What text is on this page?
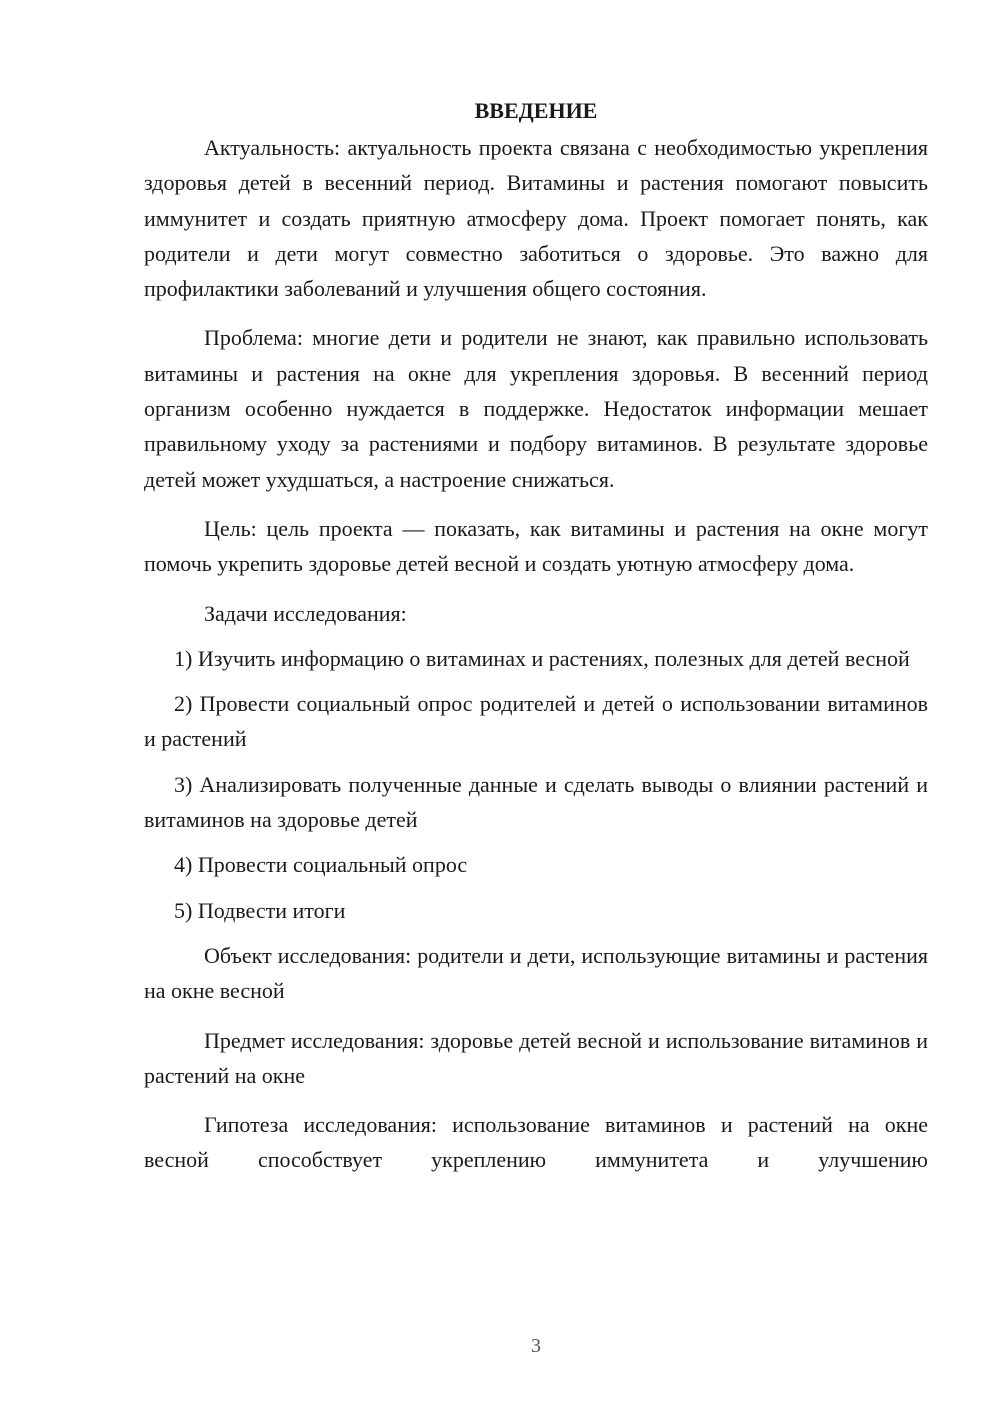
ВВЕДЕНИЕ

Актуальность: актуальность проекта связана с необходимостью укрепления здоровья детей в весенний период. Витамины и растения помогают повысить иммунитет и создать приятную атмосферу дома. Проект помогает понять, как родители и дети могут совместно заботиться о здоровье. Это важно для профилактики заболеваний и улучшения общего состояния.

Проблема: многие дети и родители не знают, как правильно использовать витамины и растения на окне для укрепления здоровья. В весенний период организм особенно нуждается в поддержке. Недостаток информации мешает правильному уходу за растениями и подбору витаминов. В результате здоровье детей может ухудшаться, а настроение снижаться.

Цель: цель проекта — показать, как витамины и растения на окне могут помочь укрепить здоровье детей весной и создать уютную атмосферу дома.

Задачи исследования:

1) Изучить информацию о витаминах и растениях, полезных для детей весной

2) Провести социальный опрос родителей и детей о использовании витаминов и растений

3) Анализировать полученные данные и сделать выводы о влиянии растений и витаминов на здоровье детей

4) Провести социальный опрос

5) Подвести итоги

Объект исследования: родители и дети, использующие витамины и растения на окне весной

Предмет исследования: здоровье детей весной и использование витаминов и растений на окне

Гипотеза исследования: использование витаминов и растений на окне весной способствует укреплению иммунитета и улучшению

3
